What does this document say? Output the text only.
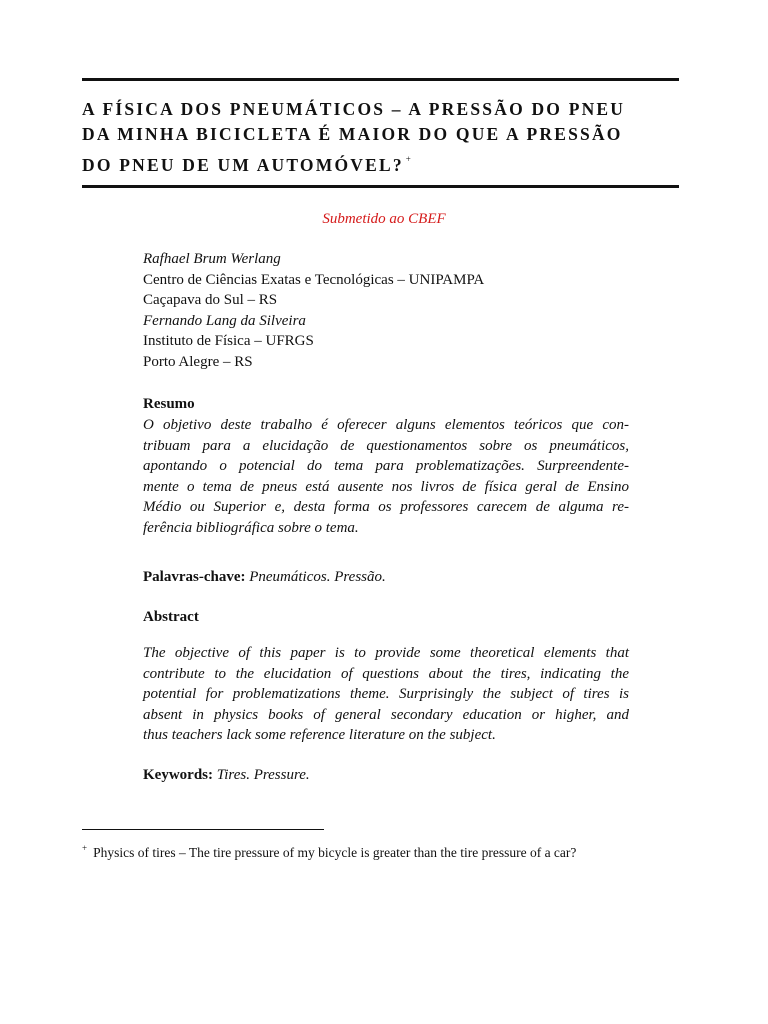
A FÍSICA DOS PNEUMÁTICOS – A PRESSÃO DO PNEU
DA MINHA BICICLETA É MAIOR DO QUE A PRESSÃO
DO PNEU DE UM AUTOMÓVEL? +
Submetido ao CBEF
Rafhael Brum Werlang
Centro de Ciências Exatas e Tecnológicas – UNIPAMPA
Caçapava do Sul – RS
Fernando Lang da Silveira
Instituto de Física – UFRGS
Porto Alegre – RS
Resumo
O objetivo deste trabalho é oferecer alguns elementos teóricos que con-
tribuam para a elucidação de questionamentos sobre os pneumáticos,
apontando o potencial do tema para problematizações. Surpreendente-
mente o tema de pneus está ausente nos livros de física geral de Ensino
Médio ou Superior e, desta forma os professores carecem de alguma re-
ferência bibliográfica sobre o tema.
Palavras-chave: Pneumáticos. Pressão.
Abstract
The objective of this paper is to provide some theoretical elements that
contribute to the elucidation of questions about the tires, indicating the
potential for problematizations theme. Surprisingly the subject of tires is
absent in physics books of general secondary education or higher, and
thus teachers lack some reference literature on the subject.
Keywords: Tires. Pressure.
+ Physics of tires – The tire pressure of my bicycle is greater than the tire pressure of a car?
